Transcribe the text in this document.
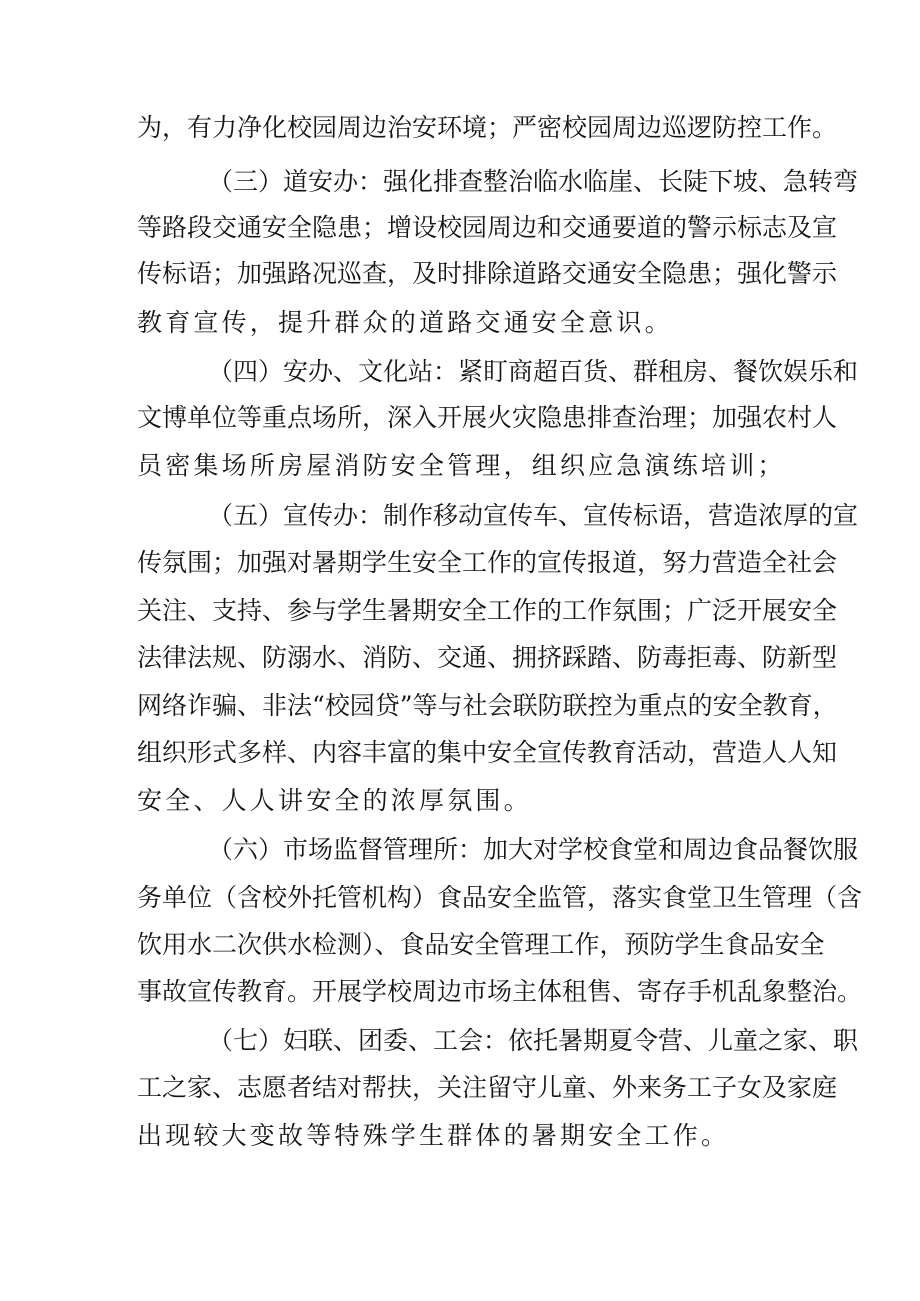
为，有力净化校园周边治安环境；严密校园周边巡逻防控工作。
（三）道安办：强化排查整治临水临崖、长陡下坡、急转弯
等路段交通安全隐患；增设校园周边和交通要道的警示标志及宣
传标语；加强路况巡查，及时排除道路交通安全隐患；强化警示
教育宣传，提升群众的道路交通安全意识。
（四）安办、文化站：紧盯商超百货、群租房、餐饮娱乐和
文博单位等重点场所，深入开展火灾隐患排查治理；加强农村人
员密集场所房屋消防安全管理，组织应急演练培训；
（五）宣传办：制作移动宣传车、宣传标语，营造浓厚的宣
传氛围；加强对暑期学生安全工作的宣传报道，努力营造全社会
关注、支持、参与学生暑期安全工作的工作氛围；广泛开展安全
法律法规、防溺水、消防、交通、拥挤踩踏、防毒拒毒、防新型
网络诈骗、非法“校园贷”等与社会联防联控为重点的安全教育，
组织形式多样、内容丰富的集中安全宣传教育活动，营造人人知
安全、人人讲安全的浓厚氛围。
（六）市场监督管理所：加大对学校食堂和周边食品餐饮服
务单位（含校外托管机构）食品安全监管，落实食堂卫生管理（含
饮用水二次供水检测）、食品安全管理工作，预防学生食品安全
事故宣传教育。开展学校周边市场主体租售、寄存手机乱象整治。
（七）妇联、团委、工会：依托暑期夏令营、儿童之家、职
工之家、志愿者结对帮扶，关注留守儿童、外来务工子女及家庭
出现较大变故等特殊学生群体的暑期安全工作。
